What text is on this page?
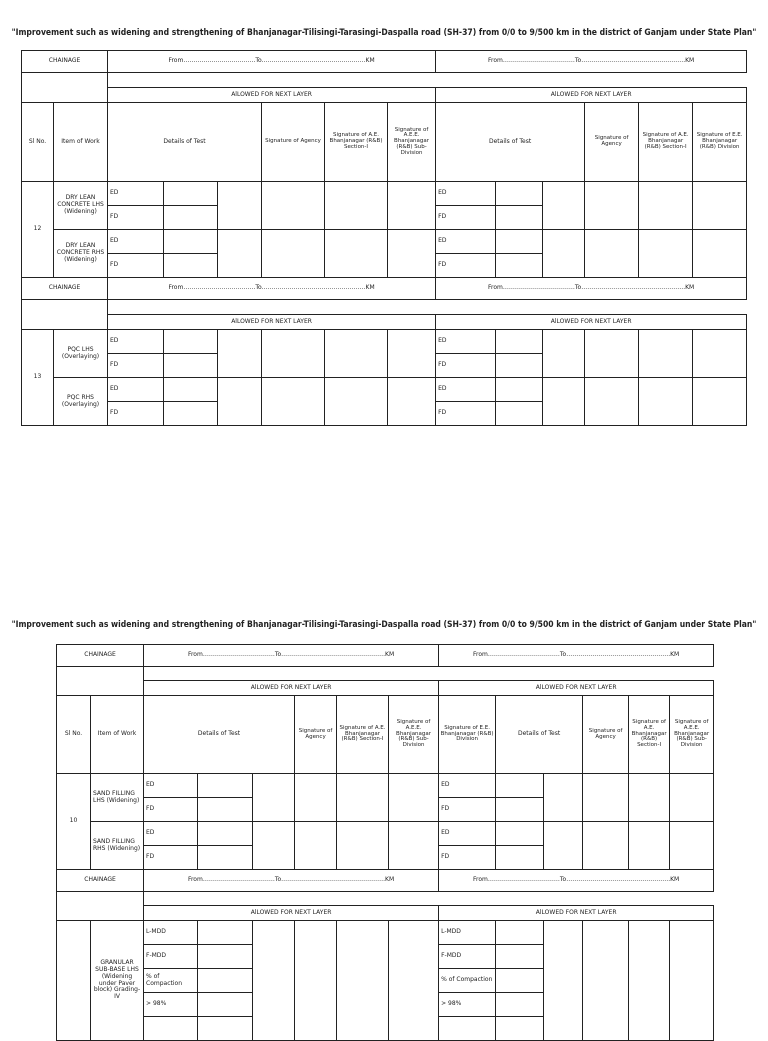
"Improvement such as widening and strengthening of Bhanjanagar-Tilisingi-Tarasingi-Daspalla road (SH-37) from 0/0 to 9/500 km in the district of Ganjam under State Plan"
CHAINAGE		From………………………………To…………………………………………….KM						From………………………………To…………………………………………….KM					

		AlLOWED FOR NEXT LAYER						AlLOWED FOR NEXT LAYER					
Sl No.	Item of Work	Details of Test			Signature of Agency	Signature of A.E. Bhanjanagar (R&B) Section-I	Signature of A.E.E. Bhanjanagar (R&B) Sub-Division	Details of Test			Signature of Agency	Signature of A.E. Bhanjanagar (R&B) Section-I	Signature of E.E. Bhanjanagar (R&B) Division
12	DRY LEAN CONCRETE LHS (Widening)	ED						ED					
		FD						FD					
	DRY LEAN CONCRETE RHS (Widening)	ED						ED					
		FD						FD					
CHAINAGE		From………………………………To…………………………………………….KM						From………………………………To…………………………………………….KM					

		AlLOWED FOR NEXT LAYER						AlLOWED FOR NEXT LAYER					
13	PQC LHS (Overlaying)	ED						ED					
		FD						FD					
	PQC RHS (Overlaying)	ED						ED					
		FD						FD					
"Improvement such as widening and strengthening of Bhanjanagar-Tilisingi-Tarasingi-Daspalla road (SH-37) from 0/0 to 9/500 km in the district of Ganjam under State Plan"
CHAINAGE		From………………………………To…………………………………………….KM						From………………………………To…………………………………………….KM					

		AlLOWED FOR NEXT LAYER						AlLOWED FOR NEXT LAYER					
Sl No.	Item of Work	Details of Test			Signature of Agency	Signature of A.E. Bhanjanagar (R&B) Section-I	Signature of A.E.E. Bhanjanagar (R&B) Sub-Division	Signature of E.E. Bhanjanagar (R&B) Division	Details of Test		Signature of Agency	Signature of A.E. Bhanjanagar (R&B) Section-I	Signature of A.E.E. Bhanjanagar (R&B) Sub-Division
10	SAND FILLING LHS (Widening)	ED						ED					
		FD						FD					
	SAND FILLING RHS (Widening)	ED						ED					
		FD						FD					
CHAINAGE		From………………………………To…………………………………………….KM						From………………………………To…………………………………………….KM					

		AlLOWED FOR NEXT LAYER						AlLOWED FOR NEXT LAYER					
	GRANULAR SUB-BASE LHS (Widening under Paver block) Grading-IV	L-MDD						L-MDD					
		F-MDD						F-MDD					
		% of Compaction						% of Compaction					
		> 98%						> 98%					
